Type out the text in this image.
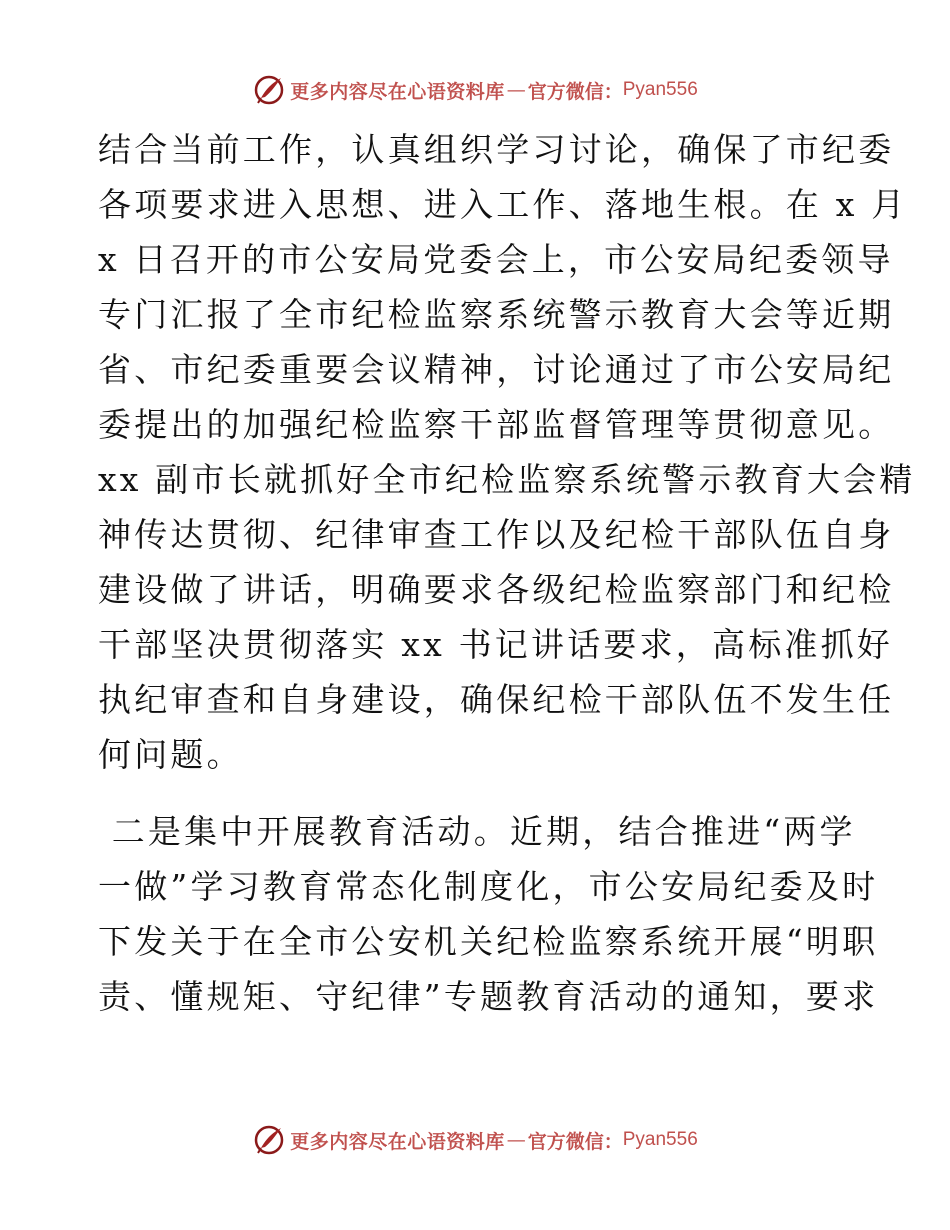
更多内容尽在心语资料库 — 官方微信： Pyan556
结合当前工作，认真组织学习讨论，确保了市纪委
各项要求进入思想、进入工作、落地生根。在 x 月
x 日召开的市公安局党委会上，市公安局纪委领导
专门汇报了全市纪检监察系统警示教育大会等近期
省、市纪委重要会议精神，讨论通过了市公安局纪
委提出的加强纪检监察干部监督管理等贯彻意见。
xx 副市长就抓好全市纪检监察系统警示教育大会精
神传达贯彻、纪律审查工作以及纪检干部队伍自身
建设做了讲话，明确要求各级纪检监察部门和纪检
干部坚决贯彻落实 xx 书记讲话要求，高标准抓好
执纪审查和自身建设，确保纪检干部队伍不发生任
何问题。
二是集中开展教育活动。近期，结合推进“两学
一做”学习教育常态化制度化，市公安局纪委及时
下发关于在全市公安机关纪检监察系统开展“明职
责、懂规矩、守纪律”专题教育活动的通知，要求
更多内容尽在心语资料库 — 官方微信： Pyan556
